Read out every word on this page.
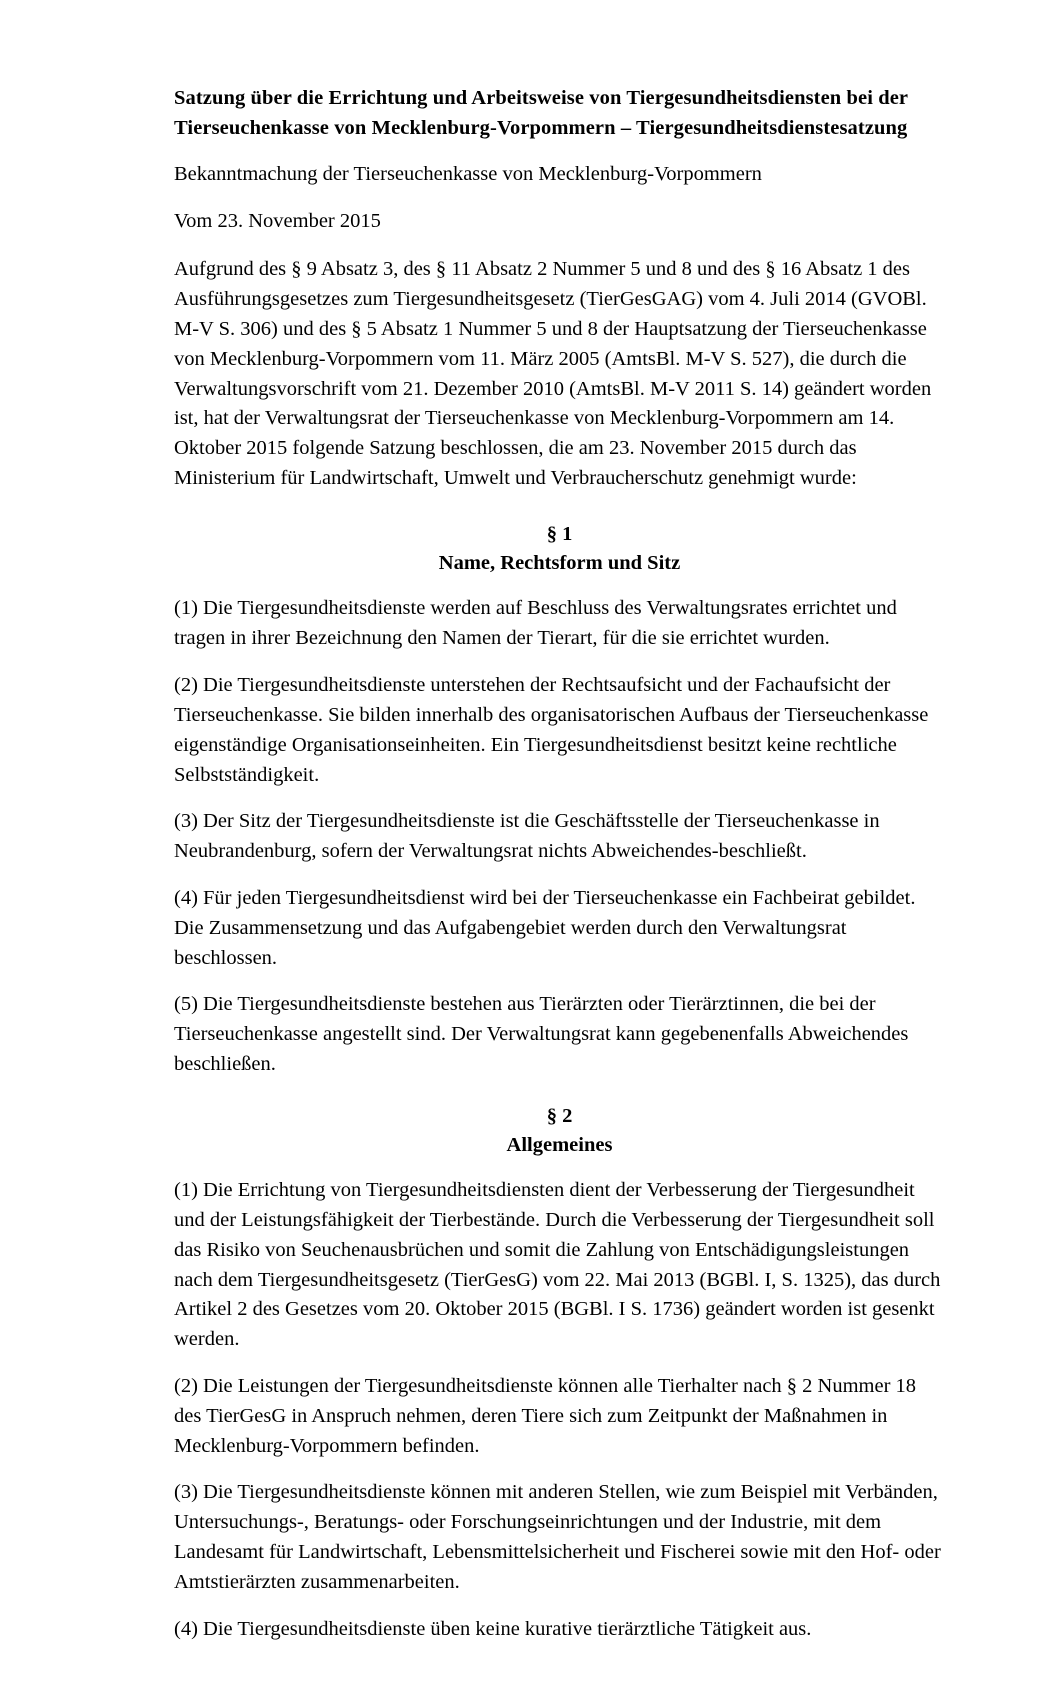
Satzung über die Errichtung und Arbeitsweise von Tiergesundheitsdiensten bei der Tierseuchenkasse von Mecklenburg-Vorpommern – Tiergesundheitsdienstesatzung

Bekanntmachung der Tierseuchenkasse von Mecklenburg-Vorpommern

Vom 23. November 2015

Aufgrund des § 9 Absatz 3, des § 11 Absatz 2 Nummer 5 und 8 und des § 16 Absatz 1 des Ausführungsgesetzes zum Tiergesundheitsgesetz (TierGesGAG) vom 4. Juli 2014 (GVOBl. M-V S. 306) und des § 5 Absatz 1 Nummer 5 und 8 der Hauptsatzung der Tierseuchenkasse von Mecklenburg-Vorpommern vom 11. März 2005 (AmtsBl. M-V S. 527), die durch die Verwaltungsvorschrift vom 21. Dezember 2010 (AmtsBl. M-V 2011 S. 14) geändert worden ist, hat der Verwaltungsrat der Tierseuchenkasse von Mecklenburg-Vorpommern am 14. Oktober 2015 folgende Satzung beschlossen, die am 23. November 2015 durch das Ministerium für Landwirtschaft, Umwelt und Verbraucherschutz genehmigt wurde:

§ 1
Name, Rechtsform und Sitz

(1) Die Tiergesundheitsdienste werden auf Beschluss des Verwaltungsrates errichtet und tragen in ihrer Bezeichnung den Namen der Tierart, für die sie errichtet wurden.

(2) Die Tiergesundheitsdienste unterstehen der Rechtsaufsicht und der Fachaufsicht der Tierseuchenkasse. Sie bilden innerhalb des organisatorischen Aufbaus der Tierseuchenkasse eigenständige Organisationseinheiten. Ein Tiergesundheitsdienst besitzt keine rechtliche Selbstständigkeit.

(3) Der Sitz der Tiergesundheitsdienste ist die Geschäftsstelle der Tierseuchenkasse in Neubrandenburg, sofern der Verwaltungsrat nichts Abweichendes-beschließt.

(4) Für jeden Tiergesundheitsdienst wird bei der Tierseuchenkasse ein Fachbeirat gebildet. Die Zusammensetzung und das Aufgabengebiet werden durch den Verwaltungsrat beschlossen.

(5) Die Tiergesundheitsdienste bestehen aus Tierärzten oder Tierärztinnen, die bei der Tierseuchenkasse angestellt sind. Der Verwaltungsrat kann gegebenenfalls Abweichendes beschließen.

§ 2
Allgemeines

(1) Die Errichtung von Tiergesundheitsdiensten dient der Verbesserung der Tiergesundheit und der Leistungsfähigkeit der Tierbestände. Durch die Verbesserung der Tiergesundheit soll das Risiko von Seuchenausbrüchen und somit die Zahlung von Entschädigungsleistungen nach dem Tiergesundheitsgesetz (TierGesG) vom 22. Mai 2013 (BGBl. I, S. 1325), das durch Artikel 2 des Gesetzes vom 20. Oktober 2015 (BGBl. I S. 1736) geändert worden ist gesenkt werden.

(2) Die Leistungen der Tiergesundheitsdienste können alle Tierhalter nach § 2 Nummer 18 des TierGesG in Anspruch nehmen, deren Tiere sich zum Zeitpunkt der Maßnahmen in Mecklenburg-Vorpommern befinden.

(3) Die Tiergesundheitsdienste können mit anderen Stellen, wie zum Beispiel mit Verbänden, Untersuchungs-, Beratungs- oder Forschungseinrichtungen und der Industrie, mit dem Landesamt für Landwirtschaft, Lebensmittelsicherheit und Fischerei sowie mit den Hof- oder Amtstierärzten zusammenarbeiten.

(4) Die Tiergesundheitsdienste üben keine kurative tierärztliche Tätigkeit aus.
